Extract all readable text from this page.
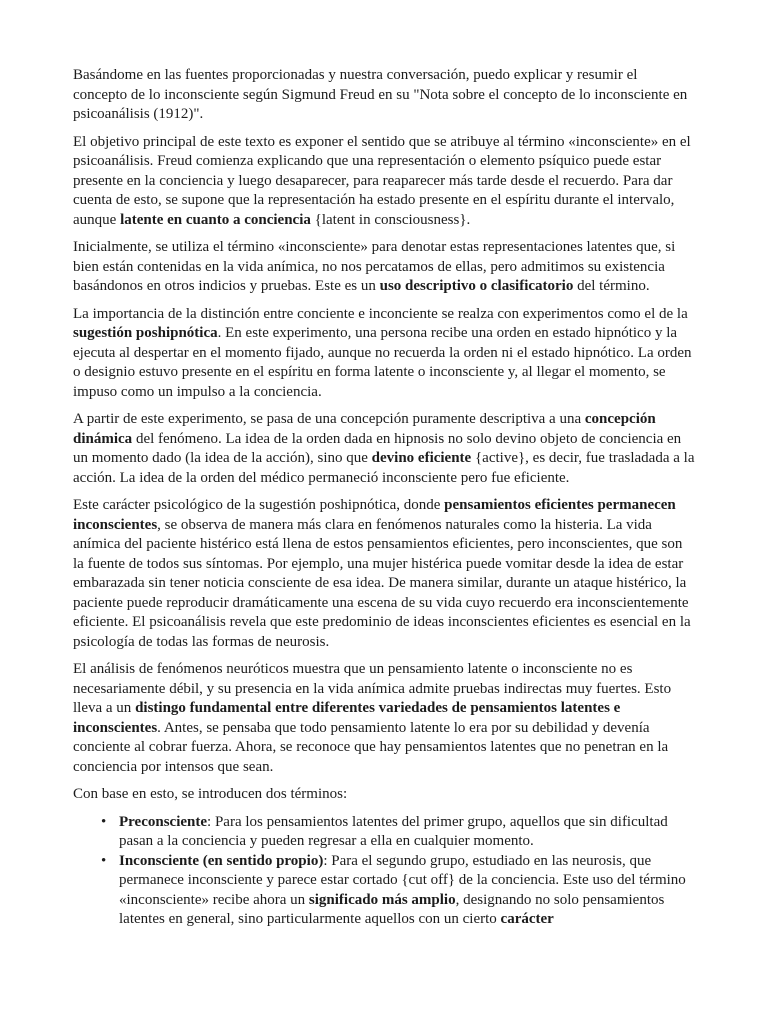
Basándome en las fuentes proporcionadas y nuestra conversación, puedo explicar y resumir el concepto de lo inconsciente según Sigmund Freud en su "Nota sobre el concepto de lo inconsciente en psicoanálisis (1912)".

El objetivo principal de este texto es exponer el sentido que se atribuye al término «inconsciente» en el psicoanálisis. Freud comienza explicando que una representación o elemento psíquico puede estar presente en la conciencia y luego desaparecer, para reaparecer más tarde desde el recuerdo. Para dar cuenta de esto, se supone que la representación ha estado presente en el espíritu durante el intervalo, aunque latente en cuanto a conciencia {latent in consciousness}.

Inicialmente, se utiliza el término «inconsciente» para denotar estas representaciones latentes que, si bien están contenidas en la vida anímica, no nos percatamos de ellas, pero admitimos su existencia basándonos en otros indicios y pruebas. Este es un uso descriptivo o clasificatorio del término.

La importancia de la distinción entre conciente e inconciente se realza con experimentos como el de la sugestión poshipnótica. En este experimento, una persona recibe una orden en estado hipnótico y la ejecuta al despertar en el momento fijado, aunque no recuerda la orden ni el estado hipnótico. La orden o designio estuvo presente en el espíritu en forma latente o inconsciente y, al llegar el momento, se impuso como un impulso a la conciencia.

A partir de este experimento, se pasa de una concepción puramente descriptiva a una concepción dinámica del fenómeno. La idea de la orden dada en hipnosis no solo devino objeto de conciencia en un momento dado (la idea de la acción), sino que devino eficiente {active}, es decir, fue trasladada a la acción. La idea de la orden del médico permaneció inconsciente pero fue eficiente.

Este carácter psicológico de la sugestión poshipnótica, donde pensamientos eficientes permanecen inconscientes, se observa de manera más clara en fenómenos naturales como la histeria. La vida anímica del paciente histérico está llena de estos pensamientos eficientes, pero inconscientes, que son la fuente de todos sus síntomas. Por ejemplo, una mujer histérica puede vomitar desde la idea de estar embarazada sin tener noticia consciente de esa idea. De manera similar, durante un ataque histérico, la paciente puede reproducir dramáticamente una escena de su vida cuyo recuerdo era inconscientemente eficiente. El psicoanálisis revela que este predominio de ideas inconscientes eficientes es esencial en la psicología de todas las formas de neurosis.

El análisis de fenómenos neuróticos muestra que un pensamiento latente o inconsciente no es necesariamente débil, y su presencia en la vida anímica admite pruebas indirectas muy fuertes. Esto lleva a un distingo fundamental entre diferentes variedades de pensamientos latentes e inconscientes. Antes, se pensaba que todo pensamiento latente lo era por su debilidad y devenía conciente al cobrar fuerza. Ahora, se reconoce que hay pensamientos latentes que no penetran en la conciencia por intensos que sean.

Con base en esto, se introducen dos términos:

• Preconsciente: Para los pensamientos latentes del primer grupo, aquellos que sin dificultad pasan a la conciencia y pueden regresar a ella en cualquier momento.
• Inconsciente (en sentido propio): Para el segundo grupo, estudiado en las neurosis, que permanece inconsciente y parece estar cortado {cut off} de la conciencia. Este uso del término «inconsciente» recibe ahora un significado más amplio, designando no solo pensamientos latentes en general, sino particularmente aquellos con un cierto carácter
